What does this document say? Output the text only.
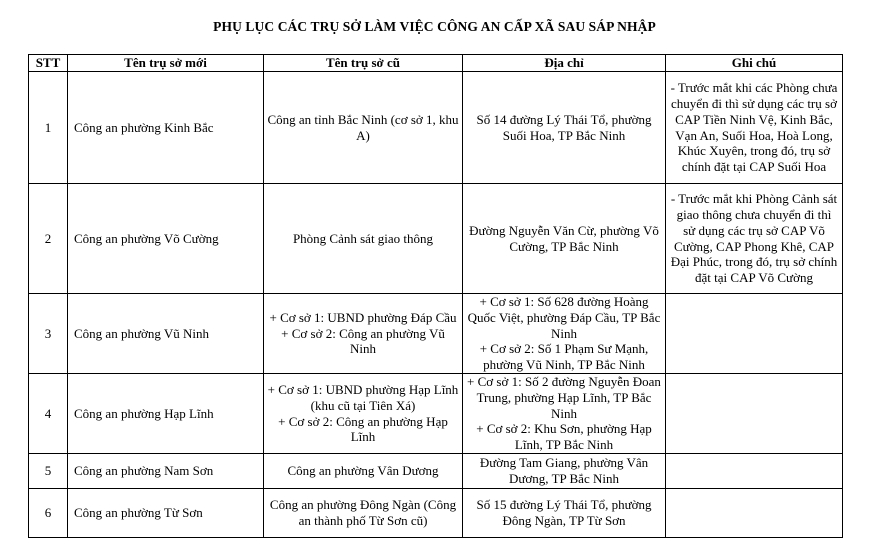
PHỤ LỤC CÁC TRỤ SỞ LÀM VIỆC CÔNG AN CẤP XÃ SAU SÁP NHẬP
STT	Tên trụ sở mới	Tên trụ sở cũ	Địa chỉ	Ghi chú
1	Công an phường Kinh Bắc	Công an tỉnh Bắc Ninh (cơ sở 1, khu A)	Số 14 đường Lý Thái Tổ, phường Suối Hoa, TP Bắc Ninh	- Trước mắt khi các Phòng chưa chuyển đi thì sử dụng các trụ sở CAP Tiền Ninh Vệ, Kinh Bắc, Vạn An, Suối Hoa, Hoà Long, Khúc Xuyên, trong đó, trụ sở chính đặt tại CAP Suối Hoa
2	Công an phường Võ Cường	Phòng Cảnh sát giao thông	Đường Nguyễn Văn Cừ, phường Võ Cường, TP Bắc Ninh	- Trước mắt khi Phòng Cảnh sát giao thông chưa chuyển đi thì sử dụng các trụ sở CAP Võ Cường, CAP Phong Khê, CAP Đại Phúc, trong đó, trụ sở chính đặt tại CAP Võ Cường
3	Công an phường Vũ Ninh	+ Cơ sở 1: UBND phường Đáp Cầu
+ Cơ sở 2: Công an phường Vũ Ninh	+ Cơ sở 1: Số 628 đường Hoàng Quốc Việt, phường Đáp Cầu, TP Bắc Ninh
+ Cơ sở 2: Số 1 Phạm Sư Mạnh, phường Vũ Ninh, TP Bắc Ninh	

4	Công an phường Hạp Lĩnh	+ Cơ sở 1: UBND phường Hạp Lĩnh (khu cũ tại Tiên Xá)
+ Cơ sở 2: Công an phường Hạp Lĩnh	+ Cơ sở 1: Số 2 đường Nguyễn Đoan Trung, phường Hạp Lĩnh, TP Bắc Ninh
+ Cơ sở 2: Khu Sơn, phường Hạp Lĩnh, TP Bắc Ninh	

5	Công an phường Nam Sơn	Công an phường Vân Dương	Đường Tam Giang, phường Vân Dương, TP Bắc Ninh	

6	Công an phường Từ Sơn	Công an phường Đông Ngàn (Công an thành phố Từ Sơn cũ)	Số 15 đường Lý Thái Tổ, phường Đông Ngàn, TP Từ Sơn	
